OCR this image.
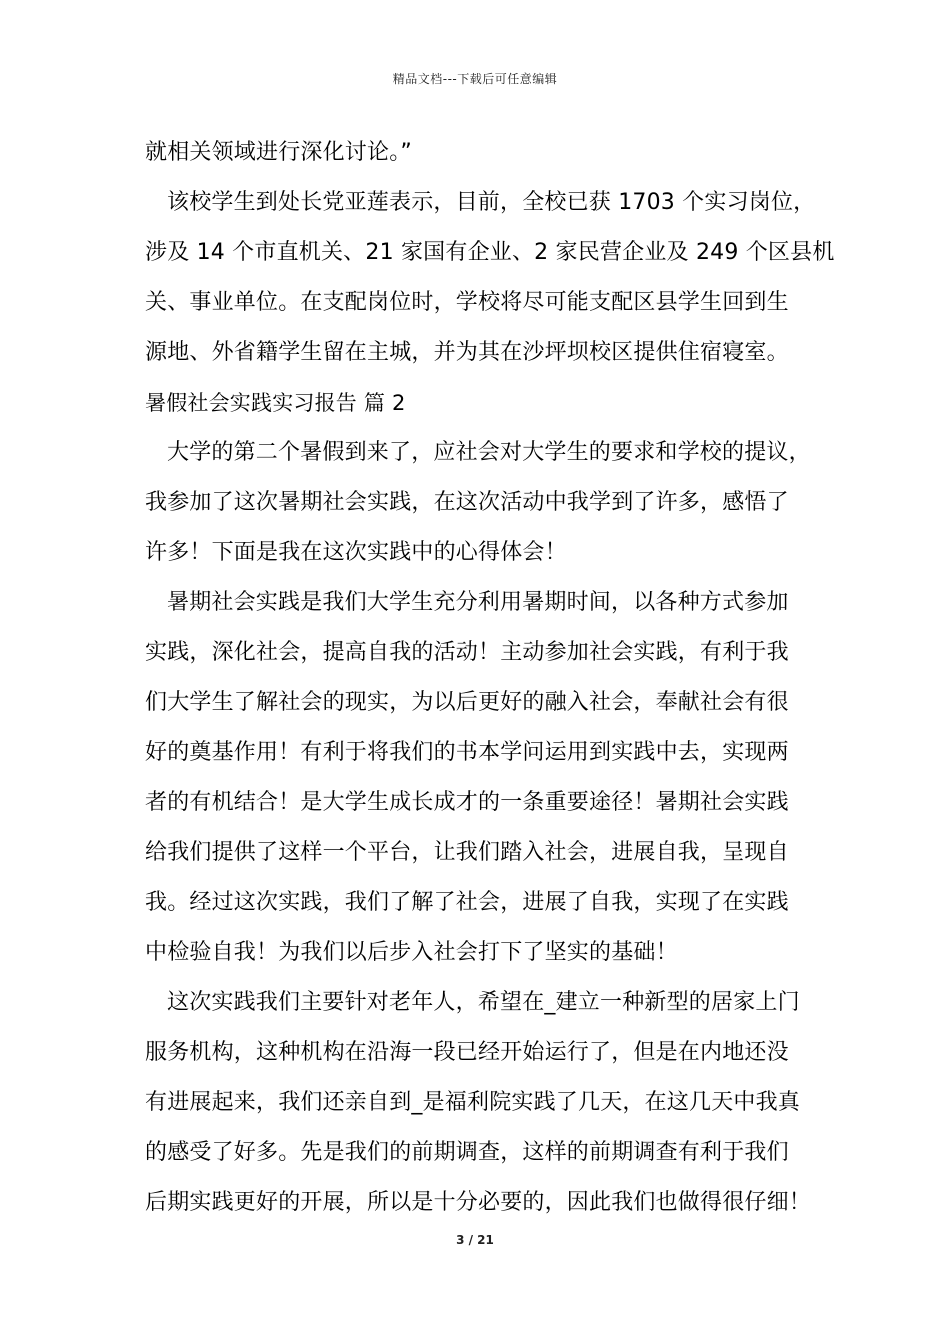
精品文档---下载后可任意编辑
就相关领域进行深化讨论。”
该校学生到处长党亚莲表示，目前，全校已获 1703 个实习岗位，
涉及 14 个市直机关、21 家国有企业、2 家民营企业及 249 个区县机
关、事业单位。在支配岗位时，学校将尽可能支配区县学生回到生
源地、外省籍学生留在主城，并为其在沙坪坝校区提供住宿寝室。
暑假社会实践实习报告 篇 2
大学的第二个暑假到来了，应社会对大学生的要求和学校的提议，
我参加了这次暑期社会实践，在这次活动中我学到了许多，感悟了
许多！下面是我在这次实践中的心得体会！
暑期社会实践是我们大学生充分利用暑期时间，以各种方式参加
实践，深化社会，提高自我的活动！主动参加社会实践，有利于我
们大学生了解社会的现实，为以后更好的融入社会，奉献社会有很
好的奠基作用！有利于将我们的书本学问运用到实践中去，实现两
者的有机结合！是大学生成长成才的一条重要途径！暑期社会实践
给我们提供了这样一个平台，让我们踏入社会，进展自我，呈现自
我。经过这次实践，我们了解了社会，进展了自我，实现了在实践
中检验自我！为我们以后步入社会打下了坚实的基础！
这次实践我们主要针对老年人，希望在_建立一种新型的居家上门
服务机构，这种机构在沿海一段已经开始运行了，但是在内地还没
有进展起来，我们还亲自到_是福利院实践了几天，在这几天中我真
的感受了好多。先是我们的前期调查，这样的前期调查有利于我们
后期实践更好的开展，所以是十分必要的，因此我们也做得很仔细！
3 / 21
